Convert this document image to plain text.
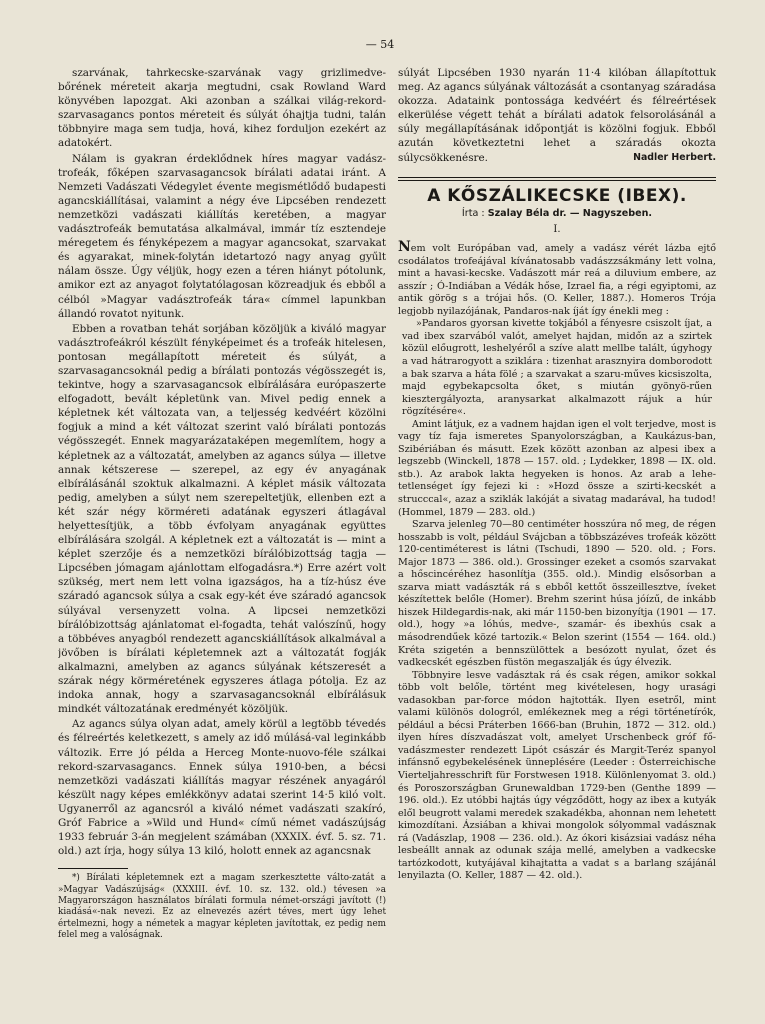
— 54

szarvának, tahrkecske-szarvának vagy grizlimedve-bőrének méreteit akarja megtudni, csak Rowland Ward könyvében lapozgat. Aki azonban a szálkai világ-rekord-szarvasagancs pontos méreteit és súlyát óhajtja tudni, talán többnyire maga sem tudja, hová, kihez forduljon ezekért az adatokért.

Nálam is gyakran érdeklődnek híres magyar vadász-trofeák, főképen szarvasagancsok bírálati adatai iránt. A Nemzeti Vadászati Védegylet évente megismétlődő budapesti agancskiállításai, valamint a négy éve Lipcsében rendezett nemzetközi vadászati kiállítás keretében, a magyar vadásztrofeák bemutatása alkalmával, immár tíz esztendeje méregetem és fényképezem a magyar agancsokat, szarvakat és agyarakat, minek-folytán idetartozó nagy anyag gyűlt nálam össze. Úgy véljük, hogy ezen a téren hiányt pótolunk, amikor ezt az anyagot folytatólagosan közreadjuk és ebből a célból »Magyar vadásztrofeák tára« címmel lapunkban állandó rovatot nyitunk.

Ebben a rovatban tehát sorjában közöljük a kiváló magyar vadásztrofeákról készült fényképeimet és a trofeák hitelesen, pontosan megállapított méreteit és súlyát, a szarvasagancsoknál pedig a bírálati pontozás végösszegét is, tekintve, hogy a szarvasagancsok elbírálására európaszerte elfogadott, bevált képletünk van. Mivel pedig ennek a képletnek két változata van, a teljesség kedvéért közölni fogjuk a mind a két változat szerint való bírálati pontozás végösszegét. Ennek magyarázataképen megemlítem, hogy a képletnek az a változatát, amelyben az agancs súlya — illetve annak kétszerese — szerepel, az egy év anyagának elbírálásánál szoktuk alkalmazni. A képlet másik változata pedig, amelyben a súlyt nem szerepeltetjük, ellenben ezt a két szár négy körméreti adatának egyszeri átlagával helyettesítjük, a több évfolyam anyagának együttes elbírálására szolgál. A képletnek ezt a változatát is — mint a képlet szerzője és a nemzetközi bírálóbizottság tagja — Lipcsében jómagam ajánlottam elfogadásra.*) Erre azért volt szükség, mert nem lett volna igazságos, ha a tíz-húsz éve száradó agancsok súlya a csak egy-két éve száradó agancsok súlyával versenyzett volna. A lipcsei nemzetközi bírálóbizottság ajánlatomat el-fogadta, tehát valószínű, hogy a többéves anyagból rendezett agancskiállítások alkalmával a jövőben is bírálati képletemnek azt a változatát fogják alkalmazni, amelyben az agancs súlyának kétszeresét a szárak négy körméretének egyszeres átlaga pótolja. Ez az indoka annak, hogy a szarvasagancsoknál elbírálásuk mindkét változatának eredményét közöljük.

Az agancs súlya olyan adat, amely körül a legtöbb tévedés és félreértés keletkezett, s amely az idő múlásá-val leginkább változik. Erre jó példa a Herceg Monte-nuovo-féle szálkai rekord-szarvasagancs. Ennek súlya 1910-ben, a bécsi nemzetközi vadászati kiállítás magyar részének anyagáról készült nagy képes emlékkönyv adatai szerint 14·5 kiló volt. Ugyanerről az agancsról a kiváló német vadászati szakíró, Gróf Fabrice a »Wild und Hund« című német vadászújság 1933 február 3-án megjelent számában (XXXIX. évf. 5. sz. 71. old.) azt írja, hogy súlya 13 kiló, holott ennek az agancsnak

*) Bírálati képletemnek ezt a magam szerkesztette válto-zatát a »Magyar Vadászújság« (XXXIII. évf. 10. sz. 132. old.) tévesen »a Magyarországon használatos bírálati formula német-országi javított (!) kiadásá«-nak nevezi. Ez az elnevezés azért téves, mert úgy lehet értelmezni, hogy a németek a magyar képleten javítottak, ez pedig nem felel meg a valóságnak.

súlyát Lipcsében 1930 nyarán 11·4 kilóban állapítottuk meg. Az agancs súlyának változását a csontanyag száradása okozza. Adataink pontossága kedvéért és félreértések elkerülése végett tehát a bírálati adatok felsorolásánál a súly megállapításának időpontját is közölni fogjuk. Ebből azután következtetni lehet a száradás okozta súlycsökkenésre.	Nadler Herbert.
A KŐSZÁLIKECSKE (IBEX).
Írta : Szalay Béla dr. — Nagyszeben.
I.

Nem volt Európában vad, amely a vadász vérét lázba ejtő csodálatos trofeájával kívánatosabb vadászzsákmány lett volna, mint a havasi-kecske. Vadászott már reá a diluvium embere, az asszír ; Ó-Indiában a Védák hőse, Izrael fia, a régi egyiptomi, az antik görög s a trójai hős. (O. Keller, 1887.). Homeros Trója legjobb nyilazójának, Pandaros-nak íját így énekli meg :

»Pandaros gyorsan kivette tokjából a fényesre csiszolt íjat, a vad ibex szarvából valót, amelyet hajdan, midőn az a szirtek közül előugrott, leshelyéről a szíve alatt mellbe talált, úgyhogy a vad hátrarogyott a sziklára : tizenhat arasznyira domborodott a bak szarva a háta fölé ; a szarvakat a szaru-műves kicsiszolta, majd egybekapcsolta őket, s miután gyönyö-rűen kiesztergályozta, aranysarkat alkalmazott rájuk a húr rögzítésére«.

Amint látjuk, ez a vadnem hajdan igen el volt terjedve, most is vagy tíz faja ismeretes Spanyolországban, a Kaukázus-ban, Szibériában és másutt. Ezek között azonban az alpesi ibex a legszebb (Winckell, 1878 — 157. old. ; Lydekker, 1898 — IX. old. stb.). Az arabok lakta hegyeken is honos. Az arab a lehe-tetlenséget így fejezi ki : »Hozd össze a szirti-kecskét a strucccal«, azaz a sziklák lakóját a sivatag madarával, ha tudod! (Hommel, 1879 — 283. old.)

Szarva jelenleg 70—80 centiméter hosszúra nő meg, de régen hosszabb is volt, például Svájcban a többszázéves trofeák között 120-centiméterest is látni (Tschudi, 1890 — 520. old. ; Fors. Major 1873 — 386. old.). Grossinger ezeket a csomós szarvakat a hőscincéréhez hasonlítja (355. old.). Mindig elsősorban a szarva miatt vadászták rá s ebből kettőt összeillesztve, íveket készítettek belőle (Homer). Brehm szerint húsa jóízű, de inkább hiszek Hildegardis-nak, aki már 1150-ben bizonyítja (1901 — 17. old.), hogy »a lóhús, medve-, szamár- és ibexhús csak a másodrendűek közé tartozik.« Belon szerint (1554 — 164. old.) Kréta szigetén a bennszülöttek a besózott nyulat, őzet és vadkecskét egészben füstön megaszalják és úgy élvezik.

Többnyire lesve vadásztak rá és csak régen, amikor sokkal több volt belőle, történt meg kivételesen, hogy urasági vadasokban par-force módon hajtották. Ilyen esetről, mint valami különös dologról, emlékeznek meg a régi történetírók, például a bécsi Práterben 1666-ban (Bruhin, 1872 — 312. old.) ilyen híres díszvadászat volt, amelyet Urschenbeck gróf fő-vadászmester rendezett Lipót császár és Margit-Teréz spanyol infánsnő egybekelésének ünneplésére (Leeder : Österreichische Vierteljahresschrift für Forstwesen 1918. Különlenyomat 3. old.) és Poroszországban Grunewaldban 1729-ben (Genthe 1899 — 196. old.). Ez utóbbi hajtás úgy végződött, hogy az ibex a kutyák elől beugrott valami meredek szakadékba, ahonnan nem lehetett kimozdítani. Ázsiában a khivai mongolok sólyommal vadásznak rá (Vadászlap, 1908 — 236. old.). Az ókori kisázsiai vadász néha lesbeállt annak az odunak szája mellé, amelyben a vadkecske tartózkodott, kutyájával kihajtatta a vadat s a barlang szájánál lenyilazta (O. Keller, 1887 — 42. old.).
